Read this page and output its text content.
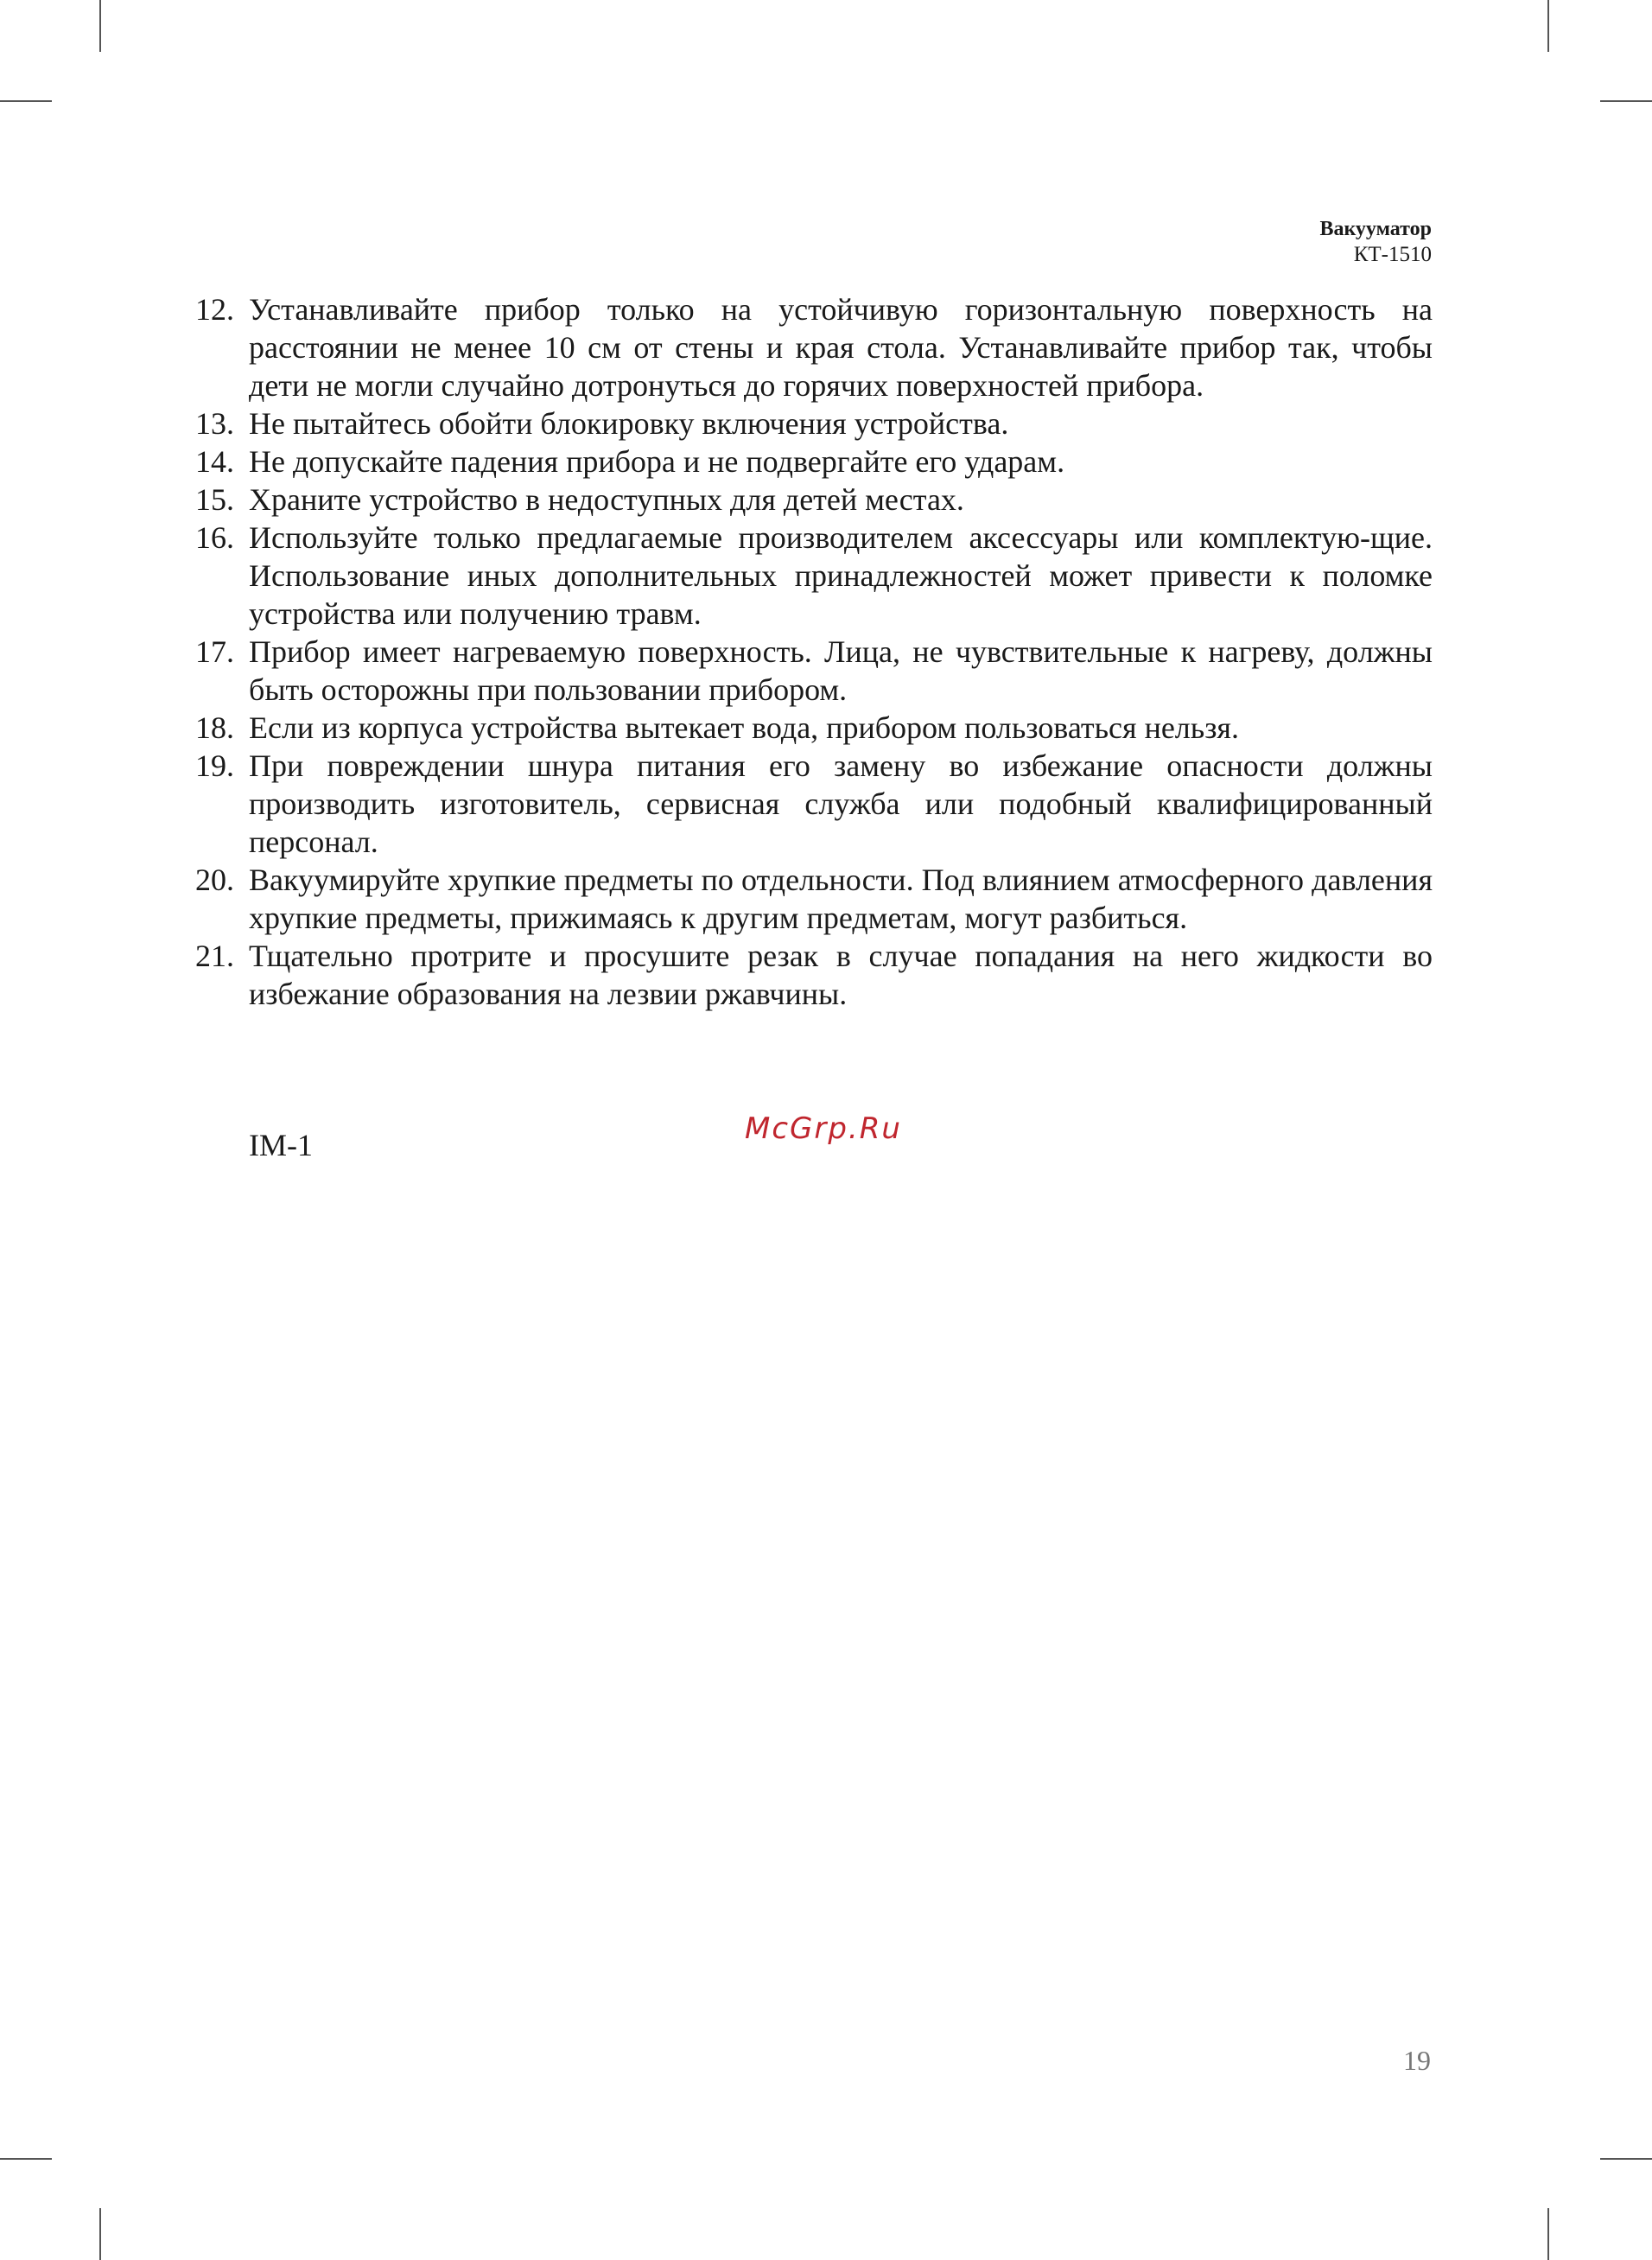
Вакууматор
КТ-1510
12. Устанавливайте прибор только на устойчивую горизонтальную поверхность на расстоянии не менее 10 см от стены и края стола. Устанавливайте прибор так, чтобы дети не могли случайно дотронуться до горячих поверхностей прибора.
13. Не пытайтесь обойти блокировку включения устройства.
14. Не допускайте падения прибора и не подвергайте его ударам.
15. Храните устройство в недоступных для детей местах.
16. Используйте только предлагаемые производителем аксессуары или комплектую-щие. Использование иных дополнительных принадлежностей может привести к поломке устройства или получению травм.
17. Прибор имеет нагреваемую поверхность. Лица, не чувствительные к нагреву, должны быть осторожны при пользовании прибором.
18. Если из корпуса устройства вытекает вода, прибором пользоваться нельзя.
19. При повреждении шнура питания его замену во избежание опасности должны производить изготовитель, сервисная служба или подобный квалифицированный персонал.
20. Вакуумируйте хрупкие предметы по отдельности. Под влиянием атмосферного давления хрупкие предметы, прижимаясь к другим предметам, могут разбиться.
21. Тщательно протрите и просушите резак в случае попадания на него жидкости во избежание образования на лезвии ржавчины.
IM-1	McGrp.Ru
19
